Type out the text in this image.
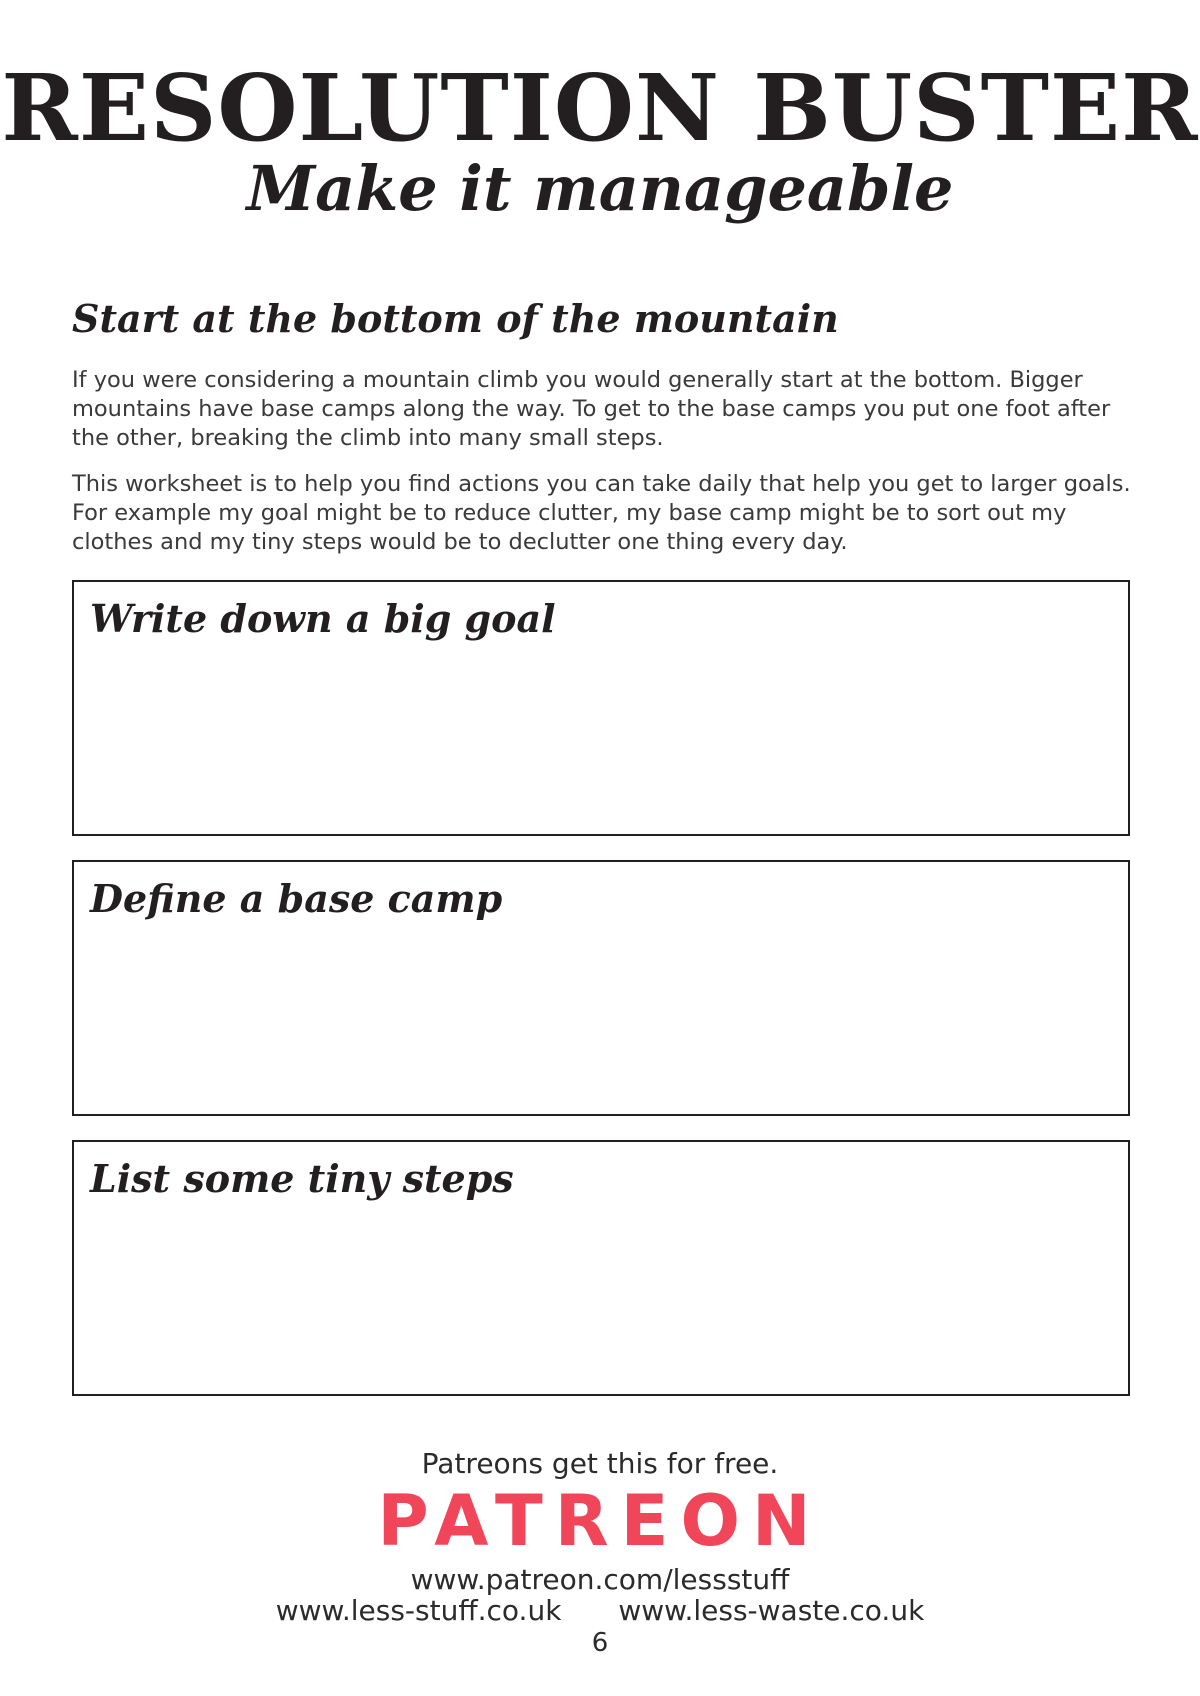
RESOLUTION BUSTER
Make it manageable
Start at the bottom of the mountain

If you were considering a mountain climb you would generally start at the bottom. Bigger mountains have base camps along the way. To get to the base camps you put one foot after the other, breaking the climb into many small steps.

This worksheet is to help you find actions you can take daily that help you get to larger goals. For example my goal might be to reduce clutter, my base camp might be to sort out my clothes and my tiny steps would be to declutter one thing every day.

Write down a big goal
Define a base camp
List some tiny steps
Patreons get this for free.
PATREON
www.patreon.com/lessstuff
www.less-stuff.co.uk www.less-waste.co.uk
6
